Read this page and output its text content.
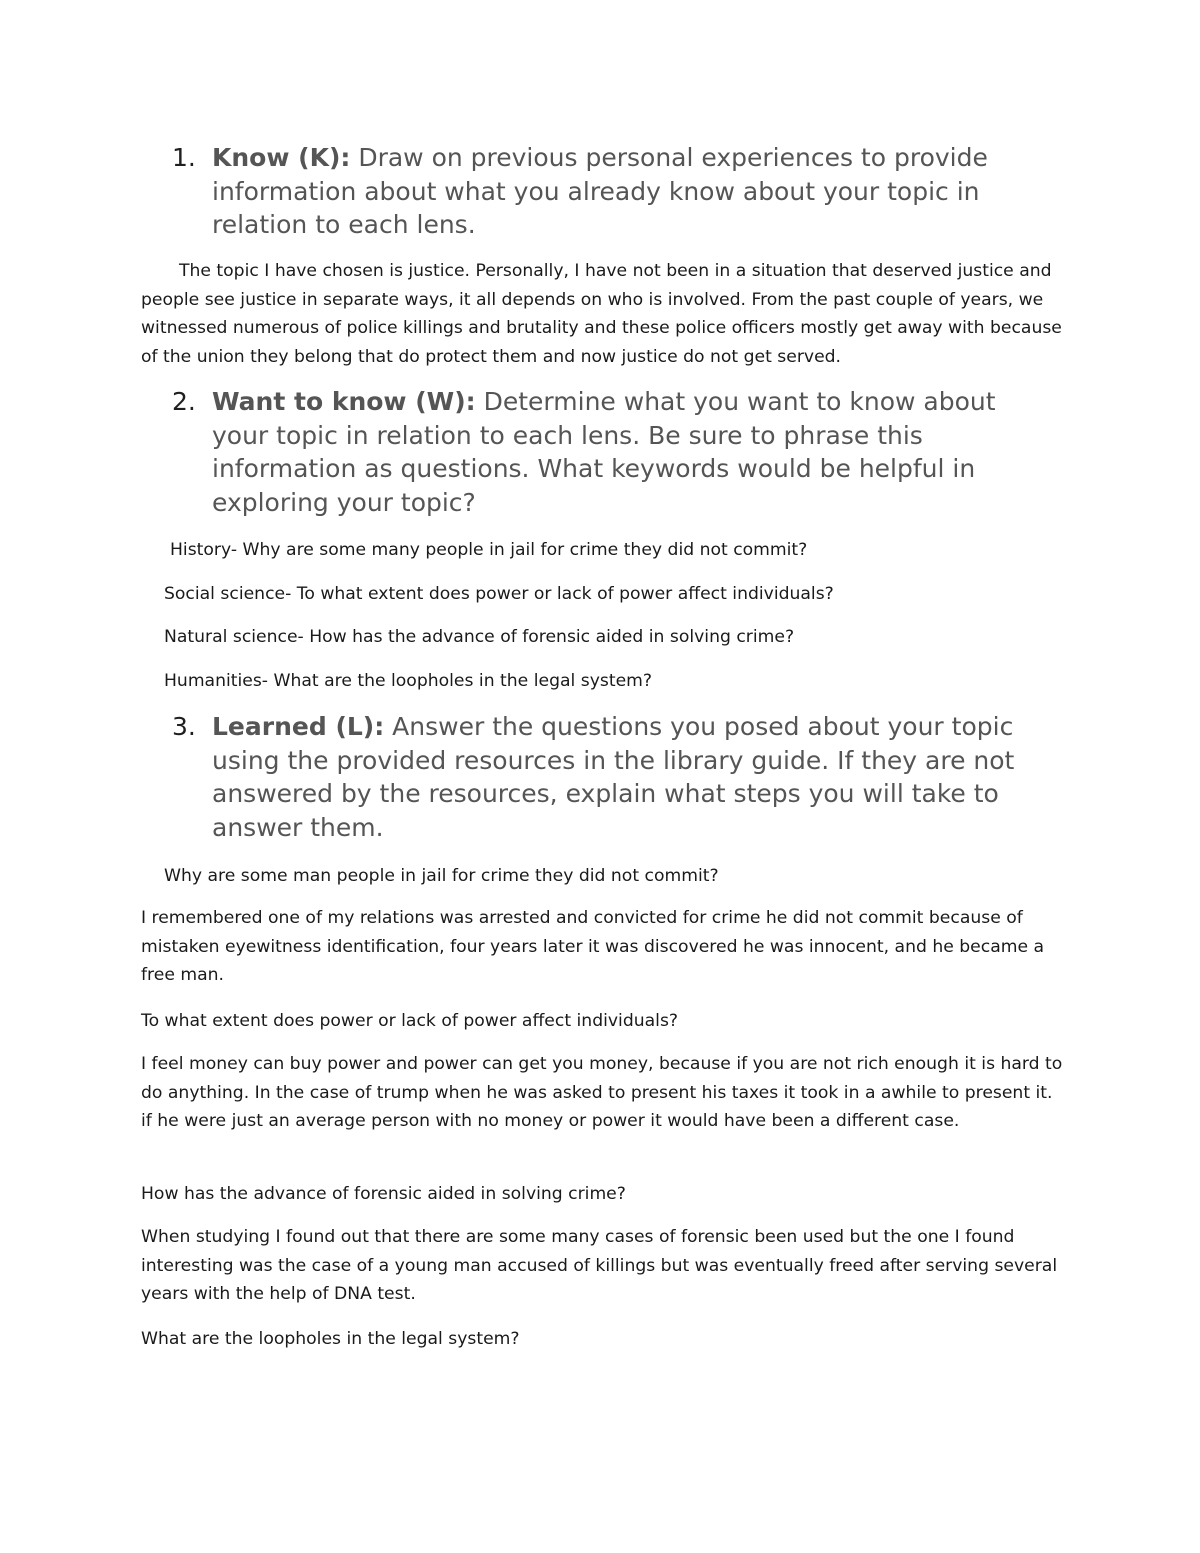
1. Know (K): Draw on previous personal experiences to provide information about what you already know about your topic in relation to each lens.

The topic I have chosen is justice. Personally, I have not been in a situation that deserved justice and people see justice in separate ways, it all depends on who is involved. From the past couple of years, we witnessed numerous of police killings and brutality and these police officers mostly get away with because of the union they belong that do protect them and now justice do not get served.

2. Want to know (W): Determine what you want to know about your topic in relation to each lens. Be sure to phrase this information as questions. What keywords would be helpful in exploring your topic?

History- Why are some many people in jail for crime they did not commit?

Social science- To what extent does power or lack of power affect individuals?

Natural science- How has the advance of forensic aided in solving crime?

Humanities- What are the loopholes in the legal system?

3. Learned (L): Answer the questions you posed about your topic using the provided resources in the library guide. If they are not answered by the resources, explain what steps you will take to answer them.

Why are some man people in jail for crime they did not commit?

I remembered one of my relations was arrested and convicted for crime he did not commit because of mistaken eyewitness identification, four years later it was discovered he was innocent, and he became a free man.

To what extent does power or lack of power affect individuals?

I feel money can buy power and power can get you money, because if you are not rich enough it is hard to do anything. In the case of trump when he was asked to present his taxes it took in a awhile to present it. if he were just an average person with no money or power it would have been a different case.

How has the advance of forensic aided in solving crime?

When studying I found out that there are some many cases of forensic been used but the one I found interesting was the case of a young man accused of killings but was eventually freed after serving several years with the help of DNA test.

What are the loopholes in the legal system?
